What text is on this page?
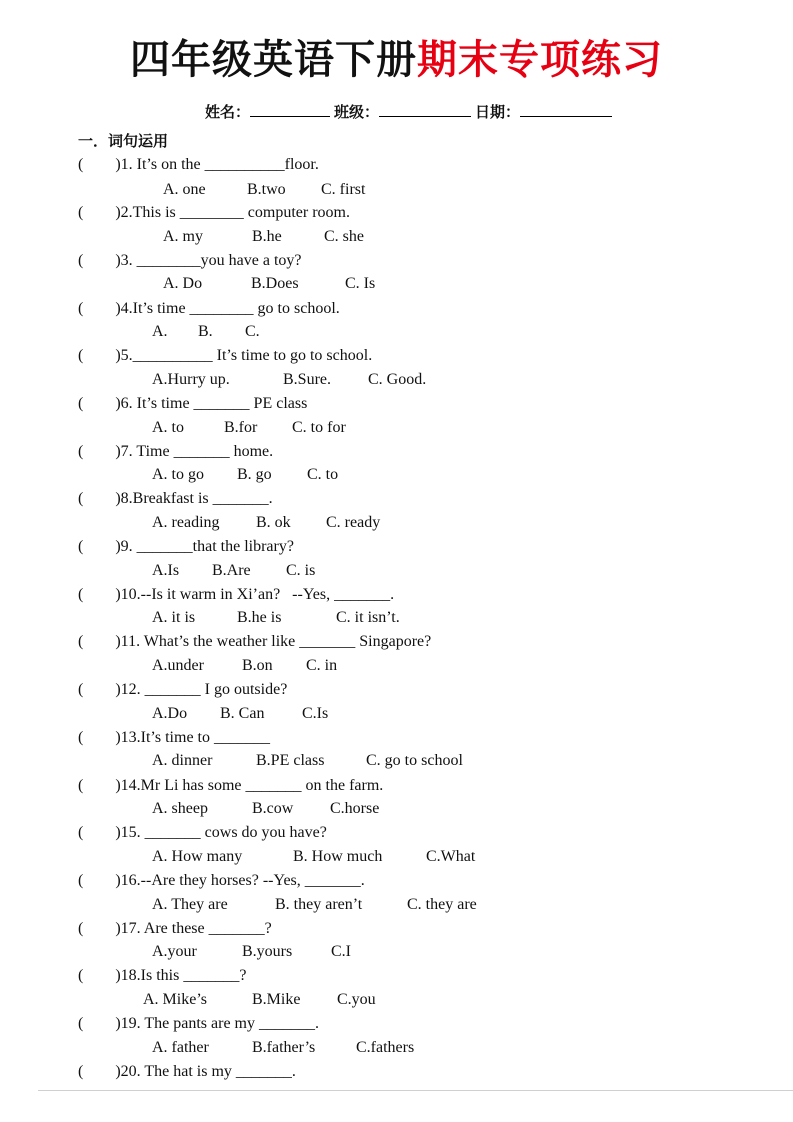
四年级英语下册期末专项练习
姓名：	班级：	日期：
一．词句运用
(        )1. It’s on the __________floor.
A. one	B.two C. first
(        )2.This is ________ computer room.
A. my	B.he	C. she
(        )3. ________you have a toy?
A. Do	B.Does	C. Is
(        )4.It’s time ________ go to school.
A. B. C.
(        )5.__________ It’s time to go to school.
A.Hurry up.	B.Sure. C. Good.
(        )6. It’s time _______ PE class
A. to	B.for C. to for
(        )7. Time _______ home.
A. to go B. go C. to
(        )8.Breakfast is _______.
A. reading B. ok C. ready
(        )9. _______that the library?
A.Is B.Are C. is
(        )10.--Is it warm in Xi’an?   --Yes, _______.
A. it is	B.he is	C. it isn’t.
(        )11. What’s the weather like _______ Singapore?
A.under B.on C. in
(        )12. _______ I go outside?
A.Do B. Can C.Is
(        )13.It’s time to _______
A. dinner	B.PE class	C. go to school
(        )14.Mr Li has some _______ on the farm.
A. sheep	B.cow C.horse
(        )15. _______ cows do you have?
A. How many	B. How much	C.What
(        )16.--Are they horses? --Yes, _______.
A. They are	B. they aren’t	C. they are
(        )17. Are these _______?
A.your	B.yours C.I
(        )18.Is this _______?
A. Mike’s	B.Mike C.you
(        )19. The pants are my _______.
A. father	B.father’s	C.fathers
(        )20. The hat is my _______.
